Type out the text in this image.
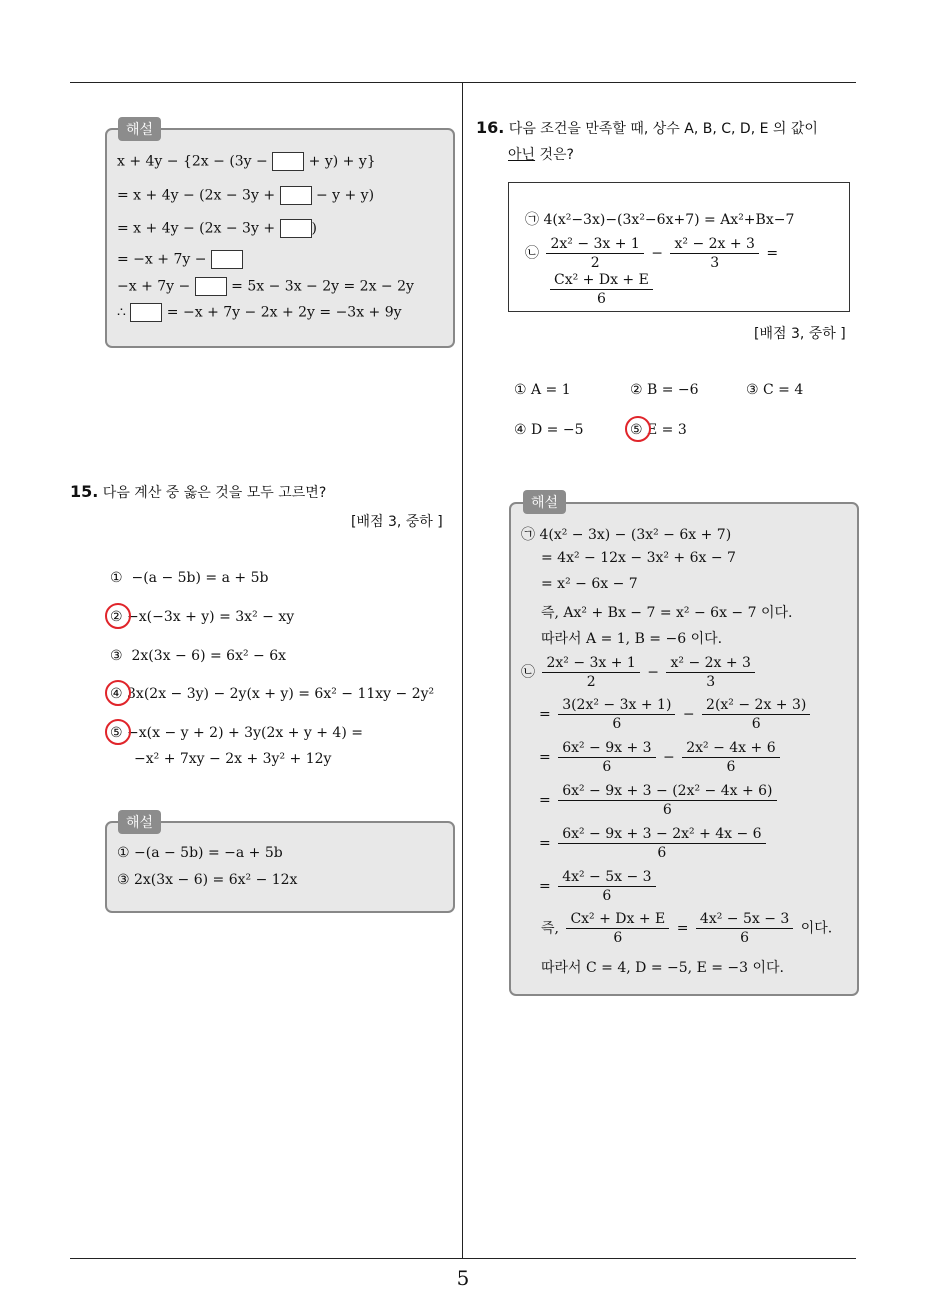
5
x + 4y − {2x − (3y −  + y) + y}
= x + 4y − (2x − 3y +  − y + y)
= x + 4y − (2x − 3y + )
= −x + 7y −
−x + 7y −  = 5x − 3x − 2y = 2x − 2y
∴  = −x + 7y − 2x + 2y = −3x + 9y
해설
15. 다음 계산 중 옳은 것을 모두 고르면?
[배점 3, 중하 ]
① −(a − 5b) = a + 5b
② −x(−3x + y) = 3x² − xy
③ 2x(3x − 6) = 6x² − 6x
④ 3x(2x − 3y) − 2y(x + y) = 6x² − 11xy − 2y²
⑤ −x(x − y + 2) + 3y(2x + y + 4) =
−x² + 7xy − 2x + 3y² + 12y
① −(a − 5b) = −a + 5b
③ 2x(3x − 6) = 6x² − 12x
해설
16. 다음 조건을 만족할 때, 상수 A, B, C, D, E 의 값이
아닌 것은?
㉠ 4(x²−3x)−(3x²−6x+7) = Ax²+Bx−7
㉡ $\frac{\text{2x² − 3x + 1}}{2} - \frac{\text{x² − 2x + 3}}{3}$ =
$\frac{\text{Cx² + Dx + E}}{6}$
[배점 3, 중하 ]
① A = 1	② B = −6	③ C = 4
④ D = −5	⑤ E = 3
㉠ 4(x² − 3x) − (3x² − 6x + 7)
= 4x² − 12x − 3x² + 6x − 7
= x² − 6x − 7
즉, Ax² + Bx − 7 = x² − 6x − 7 이다.
따라서 A = 1, B = −6 이다.
㉡ $\frac{\text{2x² − 3x + 1}}{2} - \frac{\text{x² − 2x + 3}}{3}$
= $\frac{\text{3(2x² − 3x + 1)}}{6} - \frac{\text{2(x² − 2x + 3)}}{6}$
= $\frac{\text{6x² − 9x + 3}}{6} - \frac{\text{2x² − 4x + 6}}{6}$
= $\frac{\text{6x² − 9x + 3 − (2x² − 4x + 6)}}{6}$
= $\frac{\text{6x² − 9x + 3 − 2x² + 4x − 6}}{6}$
= $\frac{\text{4x² − 5x − 3}}{6}$
즉, $\frac{\text{Cx² + Dx + E}}{6} = \frac{\text{4x² − 5x − 3}}{6}$ 이다.
따라서 C = 4, D = −5, E = −3 이다.
해설
